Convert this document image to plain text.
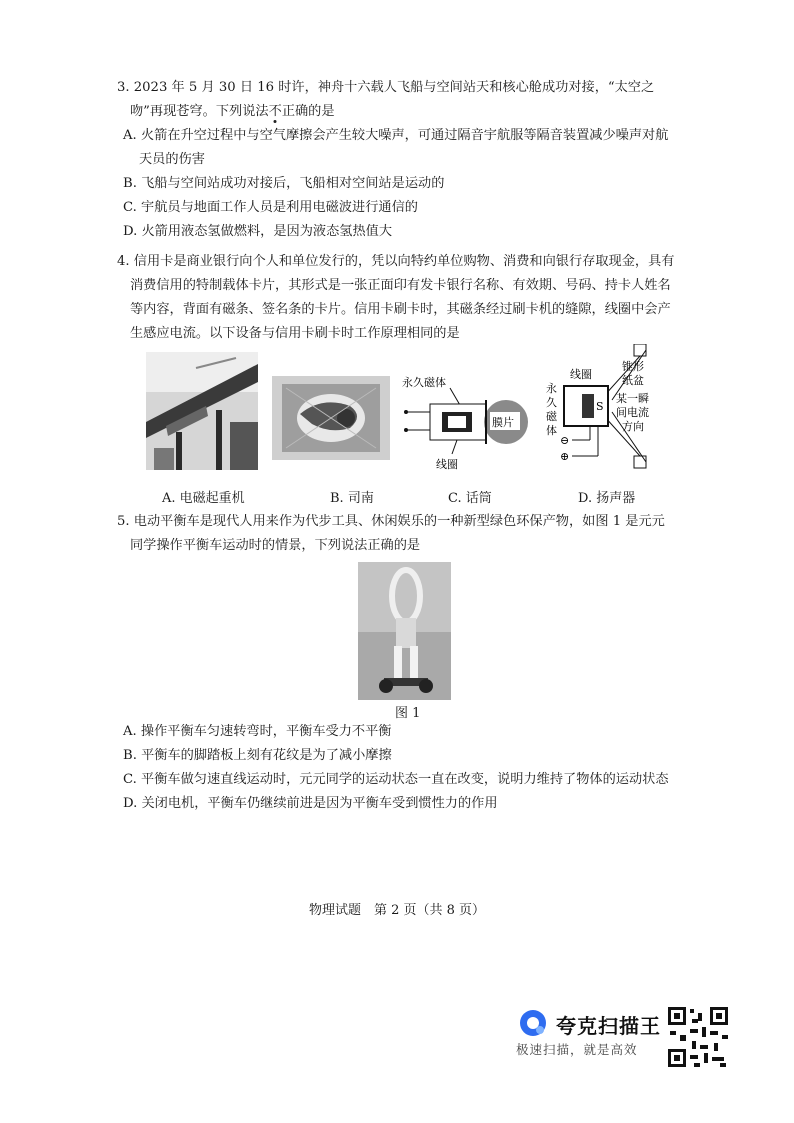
3. 2023 年 5 月 30 日 16 时许，神舟十六载人飞船与空间站天和核心舱成功对接，“太空之吻”再现苍穹。下列说法不正确的是
A. 火箭在升空过程中与空气摩擦会产生较大噪声，可通过隔音宇航服等隔音装置减少噪声对航天员的伤害
B. 飞船与空间站成功对接后，飞船相对空间站是运动的
C. 宇航员与地面工作人员是利用电磁波进行通信的
D. 火箭用液态氢做燃料，是因为液态氢热值大
4. 信用卡是商业银行向个人和单位发行的，凭以向特约单位购物、消费和向银行存取现金，具有消费信用的特制载体卡片，其形式是一张正面印有发卡银行名称、有效期、号码、持卡人姓名等内容，背面有磁条、签名条的卡片。信用卡刷卡时，其磁条经过刷卡机的缝隙，线圈中会产生感应电流。以下设备与信用卡刷卡时工作原理相同的是
永久磁体
膜片
线圈
线圈
锥形
纸盆
S
永
久
磁
体
某一瞬
间电流
方向
⊖
⊕
A. 电磁起重机	B. 司南	C. 话筒	D. 扬声器
5. 电动平衡车是现代人用来作为代步工具、休闲娱乐的一种新型绿色环保产物，如图 1 是元元同学操作平衡车运动时的情景，下列说法正确的是
图 1
A. 操作平衡车匀速转弯时，平衡车受力不平衡
B. 平衡车的脚踏板上刻有花纹是为了减小摩擦
C. 平衡车做匀速直线运动时，元元同学的运动状态一直在改变，说明力维持了物体的运动状态
D. 关闭电机，平衡车仍继续前进是因为平衡车受到惯性力的作用
物理试题　第 2 页（共 8 页）
夸克扫描王
极速扫描，就是高效
